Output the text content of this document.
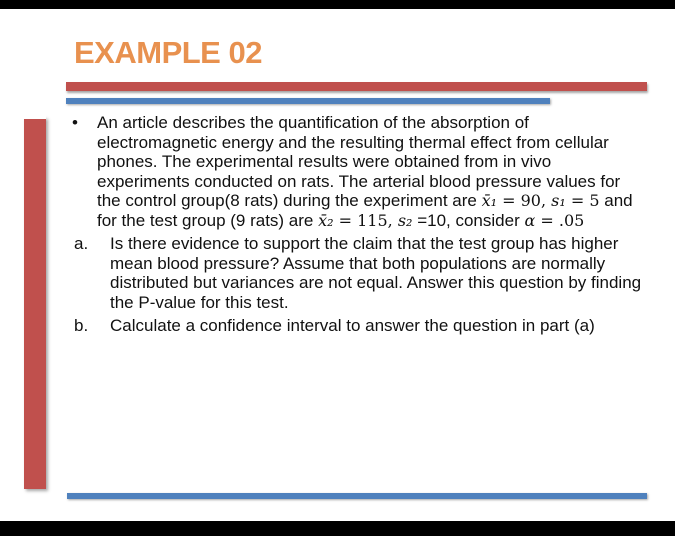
EXAMPLE 02
•	An article describes the quantification of the absorption of electromagnetic energy and the resulting thermal effect from cellular phones. The experimental results were obtained from in vivo experiments conducted on rats. The arterial blood pressure values for the control group(8 rats) during the experiment are x̄₁ = 90, s₁ = 5 and for the test group (9 rats) are x̄₂ = 115, s₂ =10, consider α = .05
a.	Is there evidence to support the claim that the test group has higher mean blood pressure? Assume that both populations are normally distributed but variances are not equal. Answer this question by finding the P-value for this test.
b.	Calculate a confidence interval to answer the question in part (a)
